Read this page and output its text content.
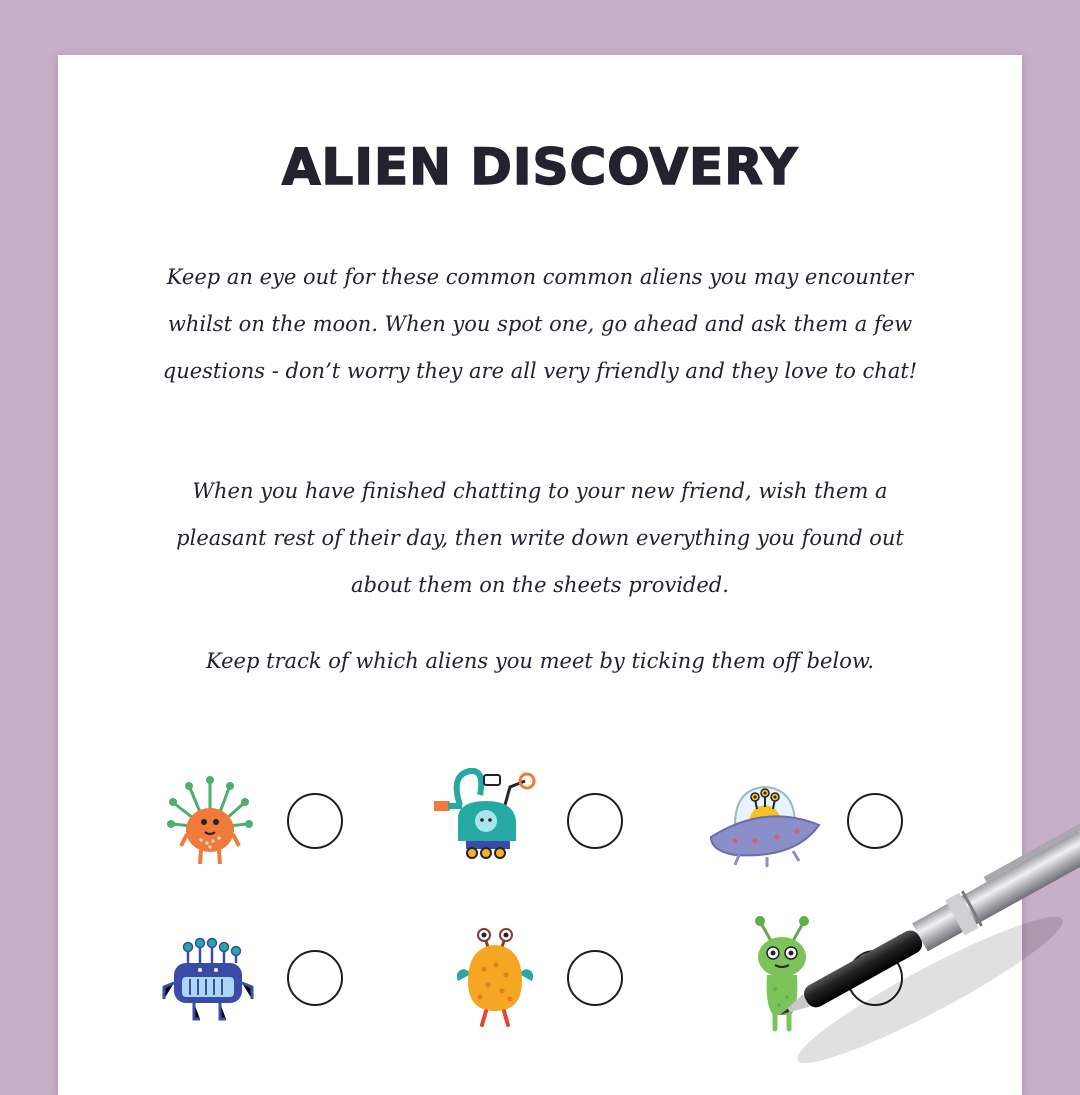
ALIEN DISCOVERY
Keep an eye out for these common common aliens you may encounter whilst on the moon. When you spot one, go ahead and ask them a few questions - don’t worry they are all very friendly and they love to chat!
When you have finished chatting to your new friend, wish them a pleasant rest of their day, then write down everything you found out about them on the sheets provided.
Keep track of which aliens you meet by ticking them off below.
